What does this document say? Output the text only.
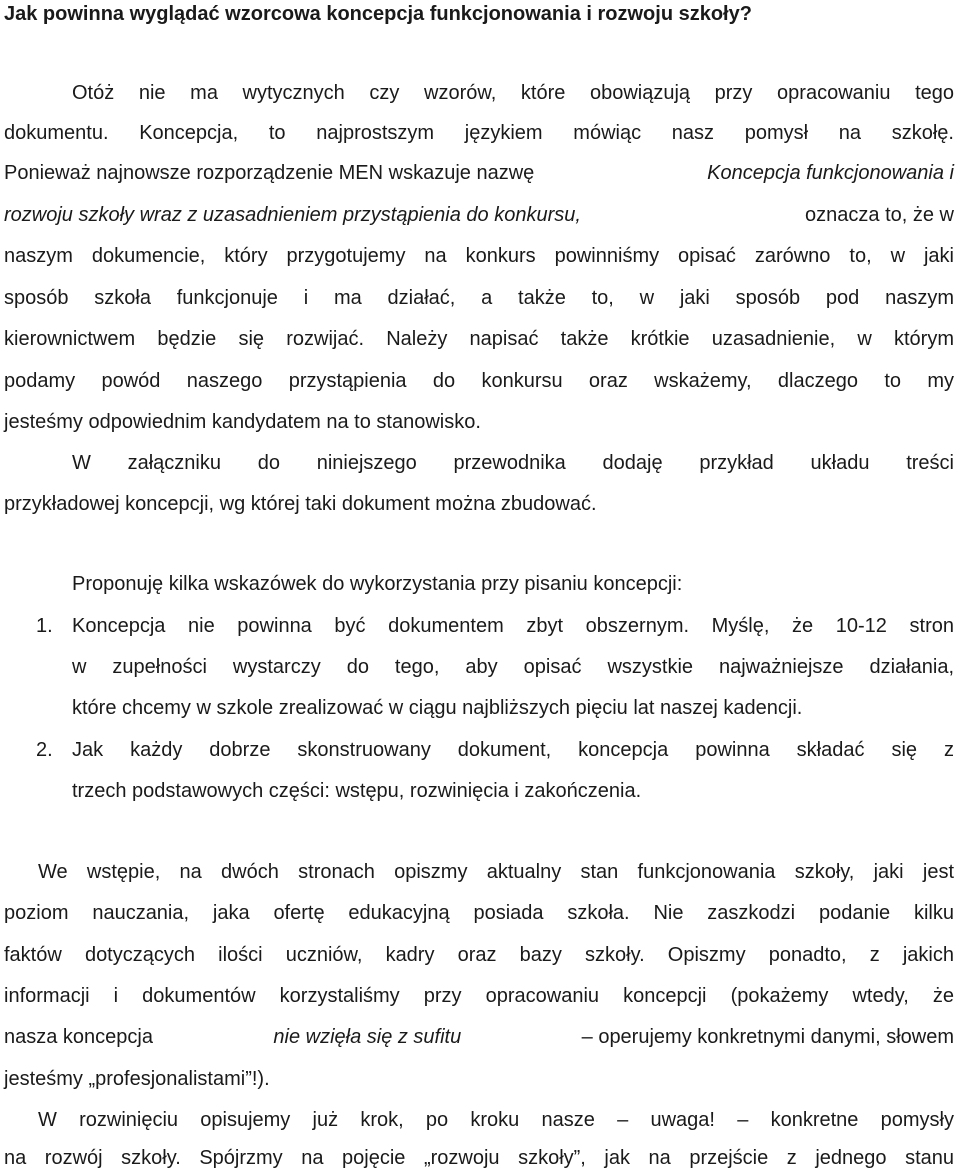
Jak powinna wyglądać wzorcowa koncepcja funkcjonowania i rozwoju szkoły?
Otóż nie ma wytycznych czy wzorów, które obowiązują przy opracowaniu tego
dokumentu. Koncepcja, to najprostszym językiem mówiąc nasz pomysł na szkołę.
Ponieważ najnowsze rozporządzenie MEN wskazuje nazwę	Koncepcja funkcjonowania i
rozwoju szkoły wraz z uzasadnieniem przystąpienia do konkursu,	oznacza to, że w
naszym dokumencie, który przygotujemy na konkurs powinniśmy opisać zarówno to, w jaki
sposób szkoła funkcjonuje i ma działać, a także to, w jaki sposób pod naszym
kierownictwem będzie się rozwijać. Należy napisać także krótkie uzasadnienie, w którym
podamy powód naszego przystąpienia do konkursu oraz wskażemy, dlaczego to my
jesteśmy odpowiednim kandydatem na to stanowisko.
W załączniku do niniejszego przewodnika dodaję przykład układu treści
przykładowej koncepcji, wg której taki dokument można zbudować.
Proponuję kilka wskazówek do wykorzystania przy pisaniu koncepcji:
1. Koncepcja nie powinna być dokumentem zbyt obszernym. Myślę, że 10-12 stron
w zupełności wystarczy do tego, aby opisać wszystkie najważniejsze działania,
które chcemy w szkole zrealizować w ciągu najbliższych pięciu lat naszej kadencji.
2. Jak każdy dobrze skonstruowany dokument, koncepcja powinna składać się z
trzech podstawowych części: wstępu, rozwinięcia i zakończenia.
We wstępie, na dwóch stronach opiszmy aktualny stan funkcjonowania szkoły, jaki jest
poziom nauczania, jaka ofertę edukacyjną posiada szkoła. Nie zaszkodzi podanie kilku
faktów dotyczących ilości uczniów, kadry oraz bazy szkoły. Opiszmy ponadto, z jakich
informacji i dokumentów korzystaliśmy przy opracowaniu koncepcji (pokażemy wtedy, że
nasza koncepcja	nie wzięła się z sufitu	– operujemy konkretnymi danymi, słowem
jesteśmy „profesjonalistami”!).
W rozwinięciu opisujemy już krok, po kroku nasze – uwaga! – konkretne pomysły
na rozwój szkoły. Spójrzmy na pojęcie „rozwoju szkoły”, jak na przejście z jednego stanu
